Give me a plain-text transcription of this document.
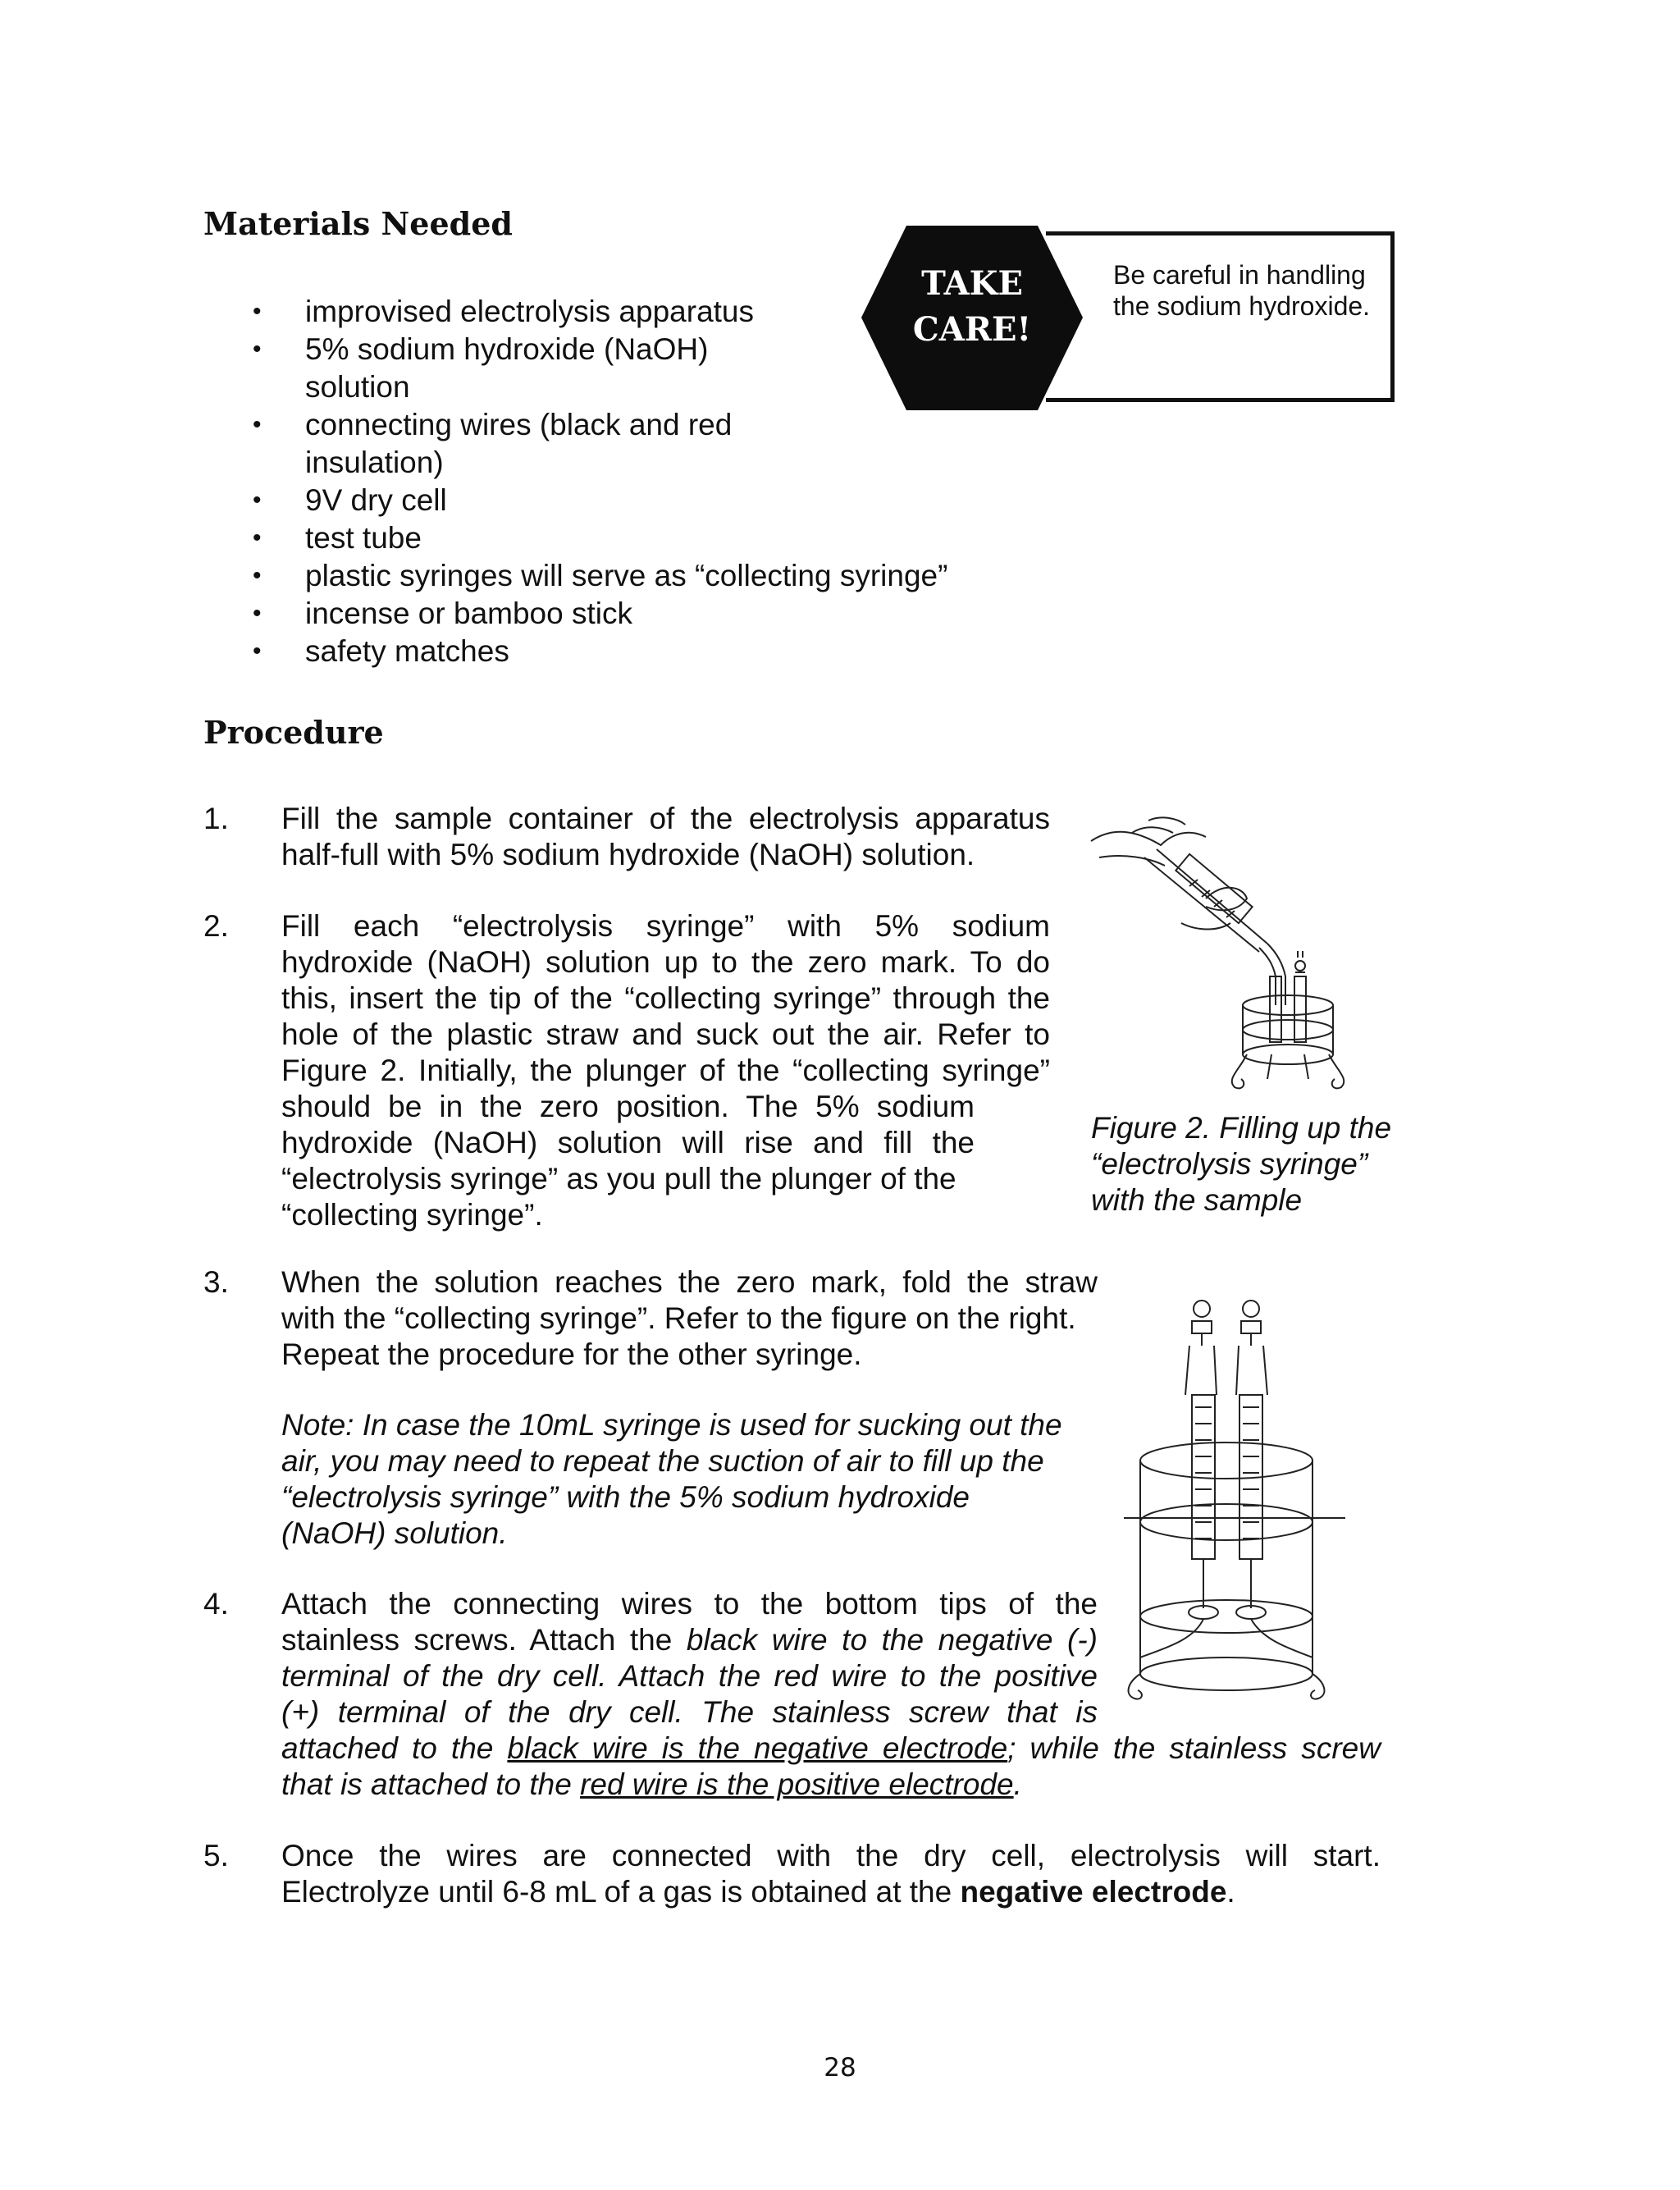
Materials Needed
• improvised electrolysis apparatus
• 5% sodium hydroxide (NaOH)
solution
• connecting wires (black and red
insulation)
• 9V dry cell
• test tube
• plastic syringes will serve as “collecting syringe”
• incense or bamboo stick
• safety matches
TAKE
CARE!
Be careful in handling the sodium hydroxide.
Procedure
1. Fill the sample container of the electrolysis apparatus
half-full with 5% sodium hydroxide (NaOH) solution.
2. Fill each “electrolysis syringe” with 5% sodium
hydroxide (NaOH) solution up to the zero mark. To do
this, insert the tip of the “collecting syringe” through the
hole of the plastic straw and suck out the air. Refer to
Figure 2. Initially, the plunger of the “collecting syringe”
should be in the zero position. The 5% sodium
hydroxide (NaOH) solution will rise and fill the
“electrolysis syringe” as you pull the plunger of the
“collecting syringe”.
Figure 2. Filling up the
“electrolysis syringe”
with the sample
3. When the solution reaches the zero mark, fold the straw
with the “collecting syringe”. Refer to the figure on the right.
Repeat the procedure for the other syringe.
Note: In case the 10mL syringe is used for sucking out the
air, you may need to repeat the suction of air to fill up the
“electrolysis syringe” with the 5% sodium hydroxide
(NaOH) solution.
4. Attach the connecting wires to the bottom tips of the
stainless screws. Attach the black wire to the negative (-)
terminal of the dry cell. Attach the red wire to the positive
(+) terminal of the dry cell. The stainless screw that is
attached to the black wire is the negative electrode; while the stainless screw
that is attached to the red wire is the positive electrode.
5. Once the wires are connected with the dry cell, electrolysis will start.
Electrolyze until 6-8 mL of a gas is obtained at the negative electrode.
28
